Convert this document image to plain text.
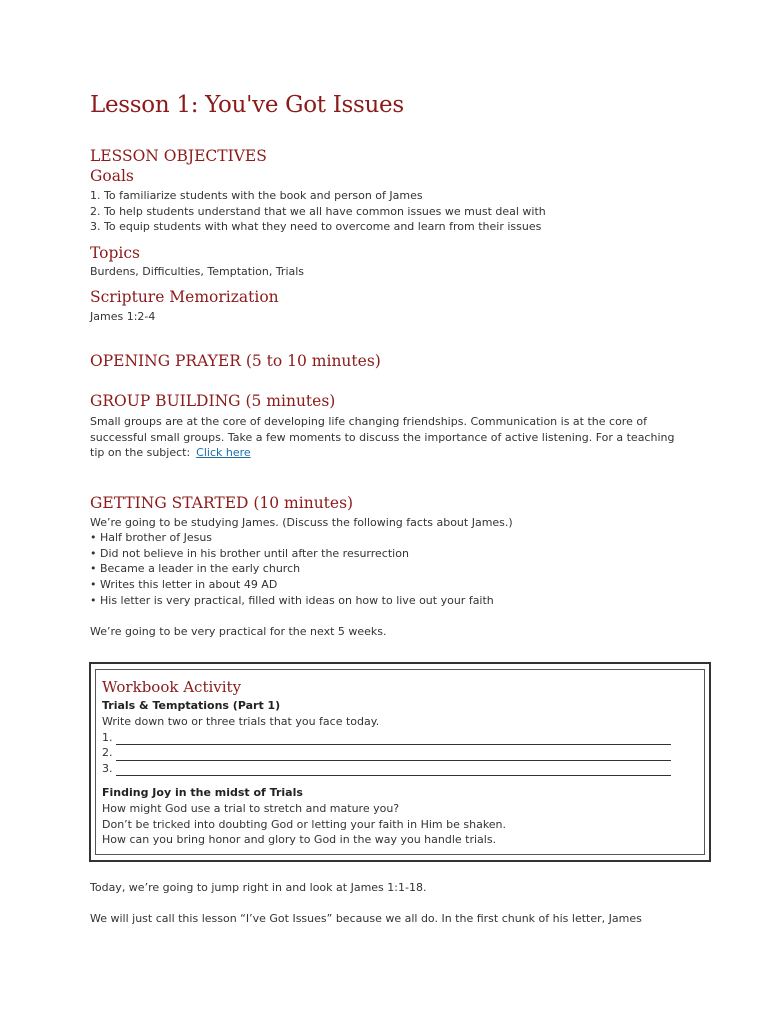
Lesson 1: You've Got Issues
LESSON OBJECTIVES
Goals

1. To familiarize students with the book and person of James

2. To help students understand that we all have common issues we must deal with

3. To equip students with what they need to overcome and learn from their issues

Topics

Burdens, Difficulties, Temptation, Trials

Scripture Memorization

James 1:2-4

OPENING PRAYER (5 to 10 minutes)
GROUP BUILDING (5 minutes)

Small groups are at the core of developing life changing friendships. Communication is at the core of successful small groups. Take a few moments to discuss the importance of active listening. For a teaching tip on the subject: Click here

GETTING STARTED (10 minutes)

We’re going to be studying James. (Discuss the following facts about James.)

• Half brother of Jesus
• Did not believe in his brother until after the resurrection
• Became a leader in the early church
• Writes this letter in about 49 AD
• His letter is very practical, filled with ideas on how to live out your faith

We’re going to be very practical for the next 5 weeks.

Workbook Activity

Trials & Temptations (Part 1)

Write down two or three trials that you face today.

1.
2.
3.

Finding Joy in the midst of Trials

How might God use a trial to stretch and mature you?

Don’t be tricked into doubting God or letting your faith in Him be shaken.

How can you bring honor and glory to God in the way you handle trials.

Today, we’re going to jump right in and look at James 1:1-18.

We will just call this lesson “I’ve Got Issues” because we all do. In the first chunk of his letter, James
